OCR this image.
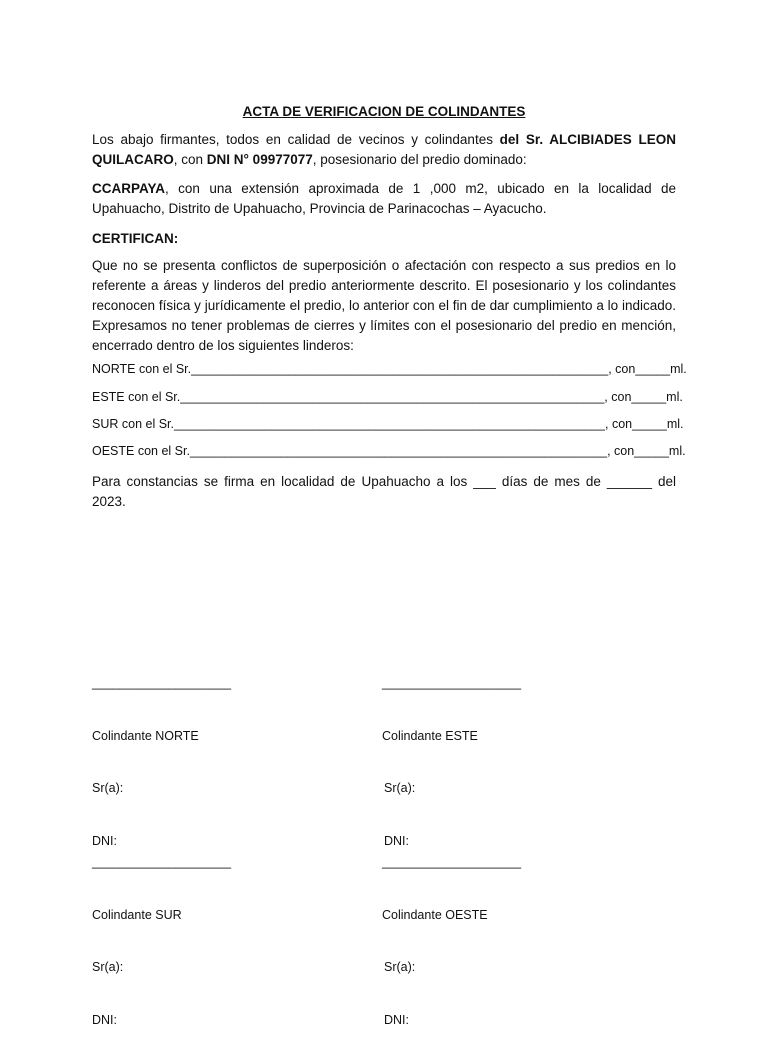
ACTA DE VERIFICACION DE COLINDANTES

Los abajo firmantes, todos en calidad de vecinos y colindantes del Sr. ALCIBIADES LEON QUILACARO, con DNI N° 09977077, posesionario del predio dominado:

CCARPAYA, con una extensión aproximada de 1 ,000 m2, ubicado en la localidad de Upahuacho, Distrito de Upahuacho, Provincia de Parinacochas – Ayacucho.

CERTIFICAN:

Que no se presenta conflictos de superposición o afectación con respecto a sus predios en lo referente a áreas y linderos del predio anteriormente descrito. El posesionario y los colindantes reconocen física y jurídicamente el predio, lo anterior con el fin de dar cumplimiento a lo indicado. Expresamos no tener problemas de cierres y límites con el posesionario del predio en mención, encerrado dentro de los siguientes linderos:

NORTE con el Sr.____________________________________________________________, con_____ml.
ESTE con el Sr._____________________________________________________________, con_____ml.
SUR con el Sr.______________________________________________________________, con_____ml.
OESTE con el Sr.____________________________________________________________, con_____ml.

Para constancias se firma en localidad de Upahuacho a los ___ días de mes de ______ del 2023.

____________________

Colindante NORTE

Sr(a):

DNI:

____________________

Colindante ESTE

Sr(a):

DNI:

____________________

Colindante SUR

Sr(a):

DNI:

____________________

Colindante OESTE

Sr(a):

DNI:
